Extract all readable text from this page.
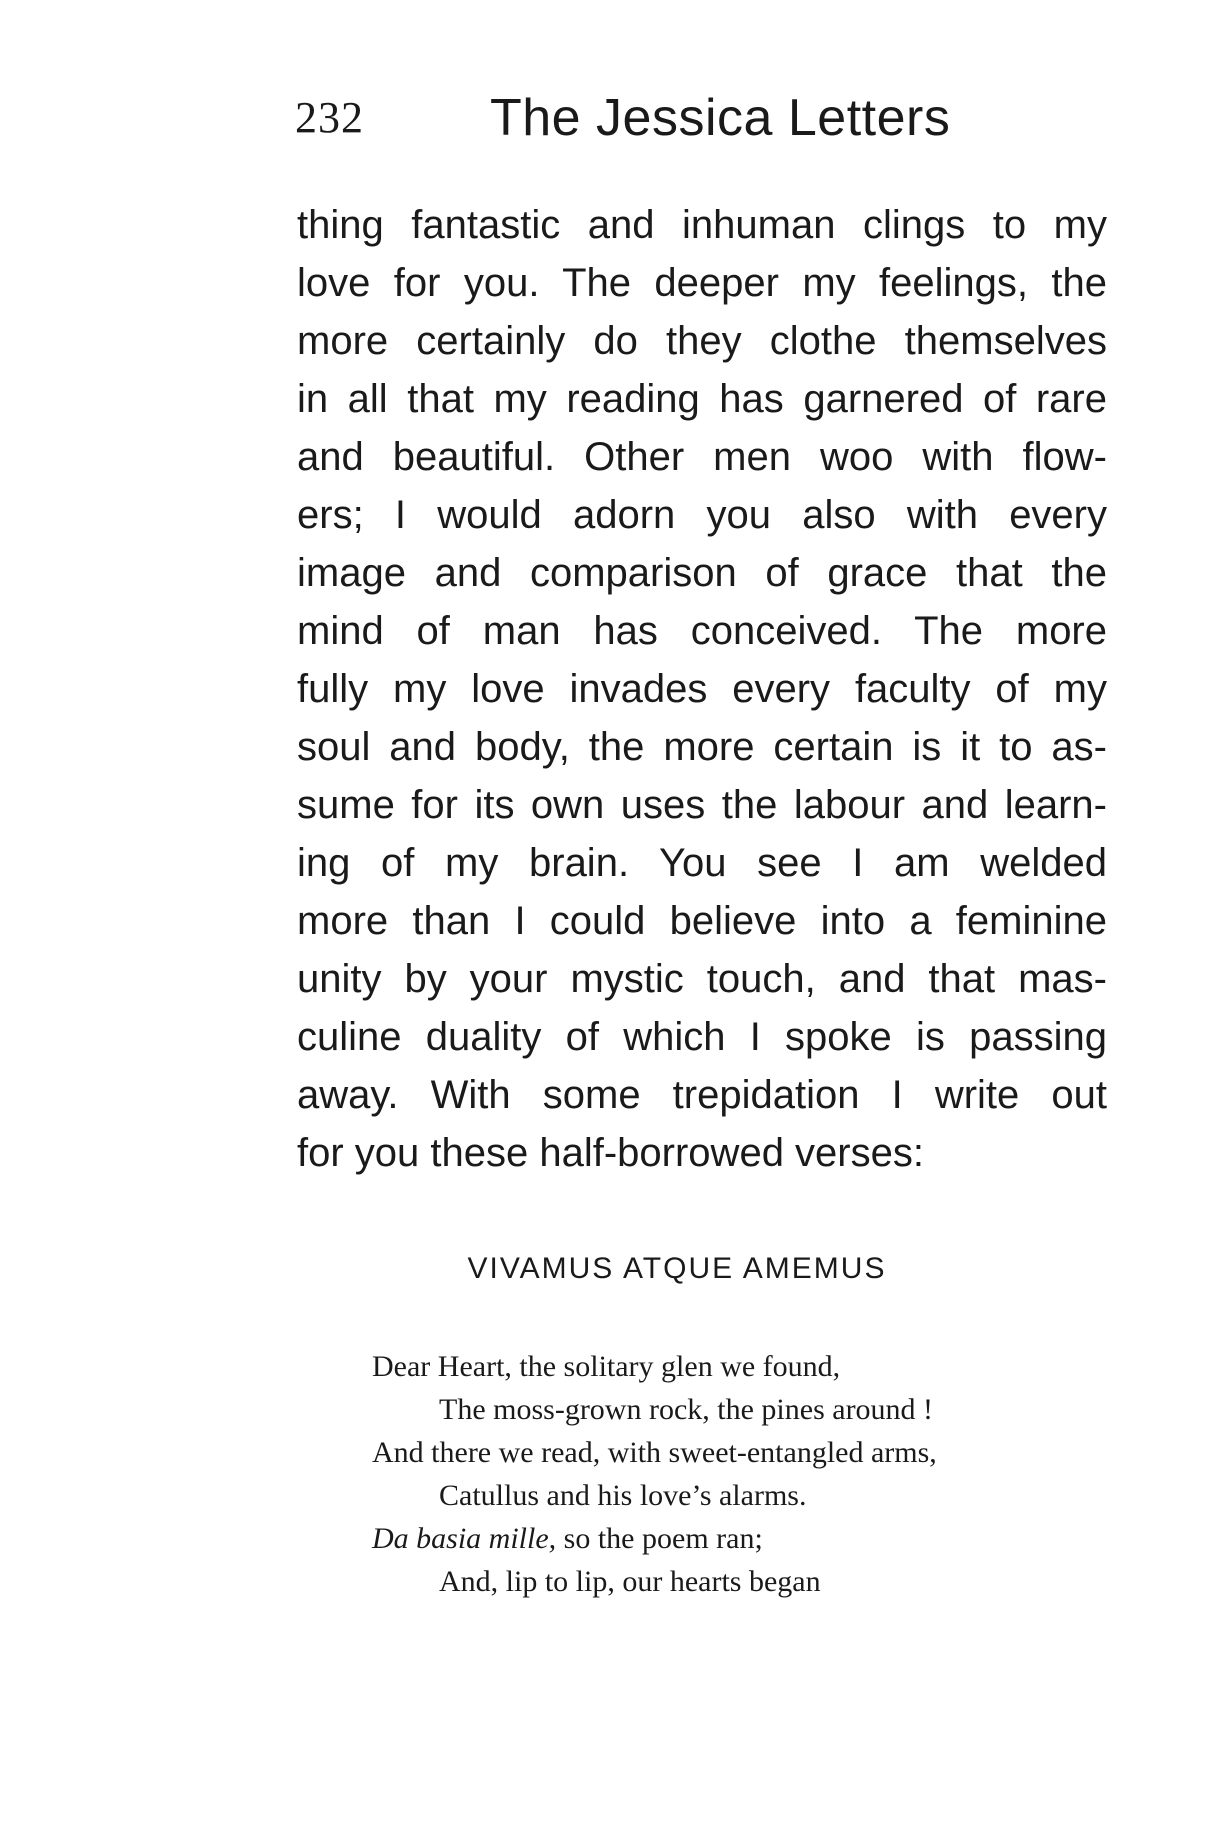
232 The Jessica Letters
thing fantastic and inhuman clings to my
love for you. The deeper my feelings, the
more certainly do they clothe themselves
in all that my reading has garnered of rare
and beautiful. Other men woo with flow-
ers; I would adorn you also with every
image and comparison of grace that the
mind of man has conceived. The more
fully my love invades every faculty of my
soul and body, the more certain is it to as-
sume for its own uses the labour and learn-
ing of my brain. You see I am welded
more than I could believe into a feminine
unity by your mystic touch, and that mas-
culine duality of which I spoke is passing
away. With some trepidation I write out
for you these half-borrowed verses:
VIVAMUS ATQUE AMEMUS
Dear Heart, the solitary glen we found,
The moss-grown rock, the pines around !
And there we read, with sweet-entangled arms,
Catullus and his love’s alarms.
Da basia mille, so the poem ran;
And, lip to lip, our hearts began
